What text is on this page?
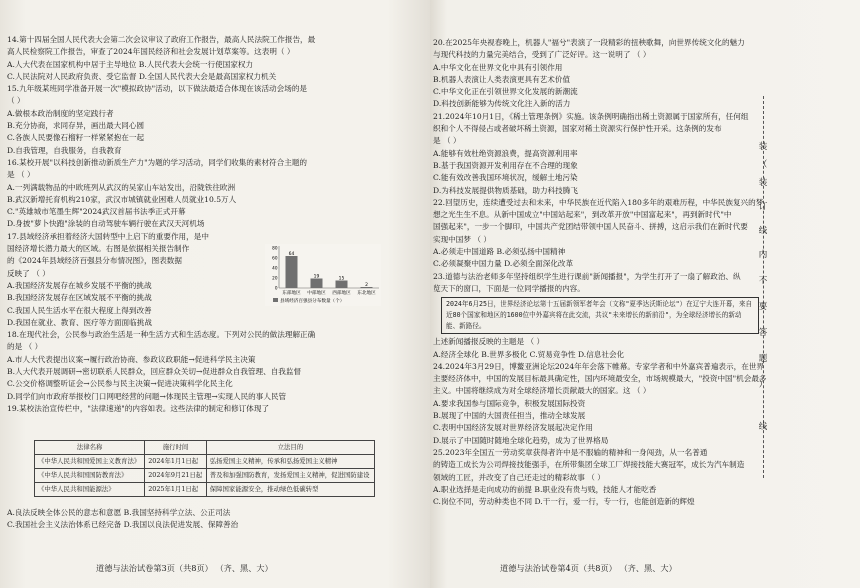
14.第十四届全国人民代表大会第二次会议审议了政府工作报告，最高人民法院工作报告，最
高人民检察院工作报告，审查了2024年国民经济和社会发展计划草案等。这表明（ ）
A.人大代表在国家机构中居于主导地位 B.人民代表大会统一行使国家权力
C.人民法院对人民政府负责、受它监督 D.全国人民代表大会是最高国家权力机关
15.九年级某班同学准备开展一次"模拟政协"活动，以下做法最适合体现在该活动会场的是
（ ）
A.做根本政治制度的坚定践行者
B.充分协商，求同存异，画出最大同心圆
C.各族人民要像石榴籽一样紧紧抱在一起
D.自我管理，自我服务，自我教育
16.某校开展"以科技创新推动新质生产力"为题的学习活动，同学们收集的素材符合主题的
是 （ ）
A.一列满载物品的中欧班列从武汉的吴家山车站发出，沿陇铁往欧洲
B.武汉新增托育机构210家，武汉市城镇就业困难人员就业10.5万人
C."英雄城市笔墨生辉"2024武汉首届书法季正式开幕
D.身披"萝卜快跑"涂装的自动驾驶车辆行驶在武汉天河机场
17.县域经济承担着经济大国转型中上启下的重要作用，是中
国经济增长潜力最大的区域。右图是依据相关报告制作
的《2024年县域经济百强县分布情况图》，图表数据
反映了 （ ）
A.我国经济发展存在城乡发展不平衡的挑战
B.我国经济发展存在区域发展不平衡的挑战
C.我国人民生活水平在很大程度上得到改善
D.我国在就业、教育、医疗等方面面临挑战
18.在现代社会，公民参与政治生活是一种生活方式和生活态度。下列对公民的做法理解正确
的是 （ ）
A.市人大代表提出议案→履行政治协商、参政议政职能→促进科学民主决策
B.人大代表开展调研→密切联系人民群众，回应群众关切→促进群众自我管理、自我监督
C.公交价格调整听证会→公民参与民主决策→促进决策科学化民主化
D.同学们向市政府举报校门口网吧经营的问题→体现民主管理→实现人民的事人民管
19.某校法治宣传栏中，"法律速递"的内容如表。这些法律的制定和修订体现了
64
19	15
2
东部地区 中部地区 西部地区 东北地区
0
20
40
60
80
县域经济百强县分布数量（个）
法律名称	施行时间	立法目的
《中华人民共和国爱国主义教育法》	2024年1月1日起	弘扬爱国主义精神，传承和弘扬爱国主义精神
《中华人民共和国国防教育法》	2024年9月21日起	普及和加强国防教育，发扬爱国主义精神，促进国防建设
《中华人民共和国能源法》	2025年1月1日起	保障国家能源安全，推动绿色低碳转型
A.良法反映全体公民的意志和意愿 B.我国坚持科学立法、公正司法
C.我国社会主义法治体系已经完备 D.我国以良法促进发展、保障善治
道德与法治试卷第3页（共8页） （齐、黑、大）
20.在2025年央视春晚上，机器人"福兮"表演了一段精彩的扭秧歌舞，向世界传统文化的魅力
与现代科技的力量完美结合，受到了广泛好评。这一说明了 （ ）
A.中华文化在世界文化中具有引领作用
B.机器人表演让人类表演更具有艺术价值
C.中华文化正在引领世界文化发展的新潮流
D.科技创新能够为传统文化注入新的活力
21.2024年10月1日，《稀土管理条例》实施。该条例明确指出稀土资源属于国家所有，任何组
织和个人不得侵占或者破坏稀土资源，国家对稀土资源实行保护性开采。这条例的发布
是 （ ）
A.能够有效杜绝资源浪费，提高资源利用率
B.基于我国资源开发利用存在不合理的现象
C.能有效改善我国环境状况，缓解土地污染
D.为科技发展提供物质基础，助力科技腾飞
22.回望历史，连续遭受过去和未来，中华民族在近代陷入180多年的艰难历程，中华民族复兴的梦
想之光生生不息。从新中国成立"中国站起来"，到改革开放"中国富起来"，再到新时代"中
国强起来"，一步一个脚印，中国共产党团结带领中国人民奋斗、拼搏，这启示我们在新时代要
实现中国梦 （ ）
A.必须走中国道路 B.必须弘扬中国精神
C.必须凝聚中国力量 D.必须全面深化改革
23.道德与法治老师多年坚持组织学生进行课前"新闻播报"，为学生打开了一扇了解政治、纵
览天下的窗口，下面是一位同学播报的内容。
2024年6月25日，世界经济论坛第十五届新领军者年会（文称"夏季达沃斯论坛"）在辽宁大连开幕，来自近80个国家和地区的1600位中外嘉宾将在此交流，共议"未来增长的新前沿"，为全球经济增长的新动能、新路径。
上述新闻播报反映的主题是 （ ）
A.经济全球化 B.世界多极化 C.贸易竞争性 D.信息社会化
24.2024年3月29日，博鳌亚洲论坛2024年年会落下帷幕。专家学者和中外嘉宾普遍表示，在世界
主要经济体中，中国的发展目标最具确定性，国内环境最安全，市场规模最大，"投资中国"机会最多
主义。中国将继续成为对全球经济增长贡献最大的国家。这 （ ）
A.要求我国参与国际竞争，积极发展国际投资
B.展现了中国的大国责任担当，推动全球发展
C.表明中国经济发展对世界经济发展起决定作用
D.展示了中国随时随地全球化趋势，成为了世界格局
25.2023年全国五一劳动奖章获得者许中是不服输的精神和一身闯劲，从一名普通
的铸造工成长为公司焊接技能强手，在所带集团全球工厂焊接技能大赛冠军，成长为汽车制造
领域的工匠，并改变了自己还走过的精彩故事 （ ）
A.职业选择是走向成功的前提 B.职业没有贵与贱，技能人才能吃香
C.岗位不同，劳动种类也不同 D.干一行，爱一行，专一行，也能创造新的辉煌
装
（
装
订
线
内
不
要
答
题
）
线
道德与法治试卷第4页（共8页） （齐、黑、大）
